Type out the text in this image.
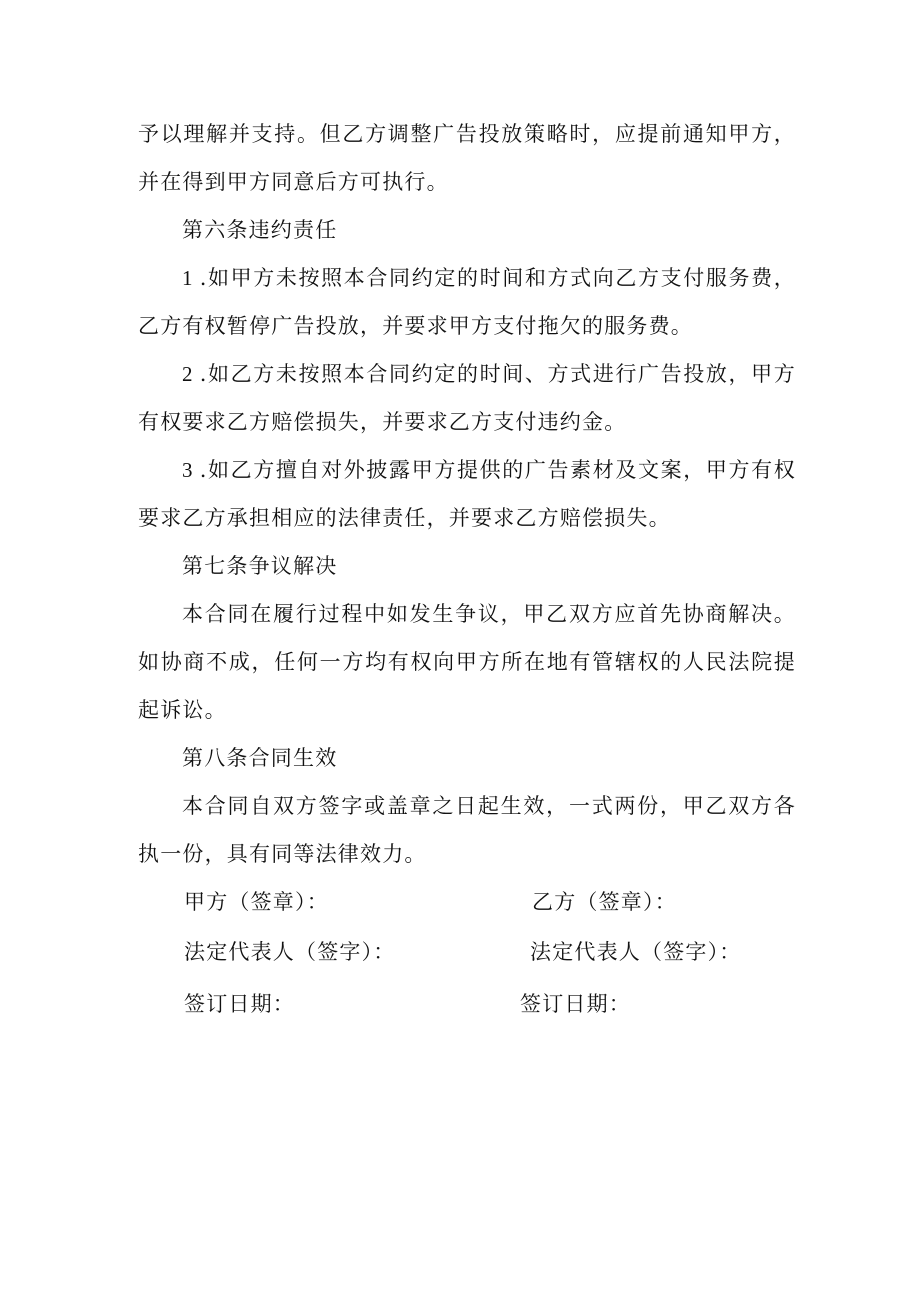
予以理解并支持。但乙方调整广告投放策略时，应提前通知甲方，并在得到甲方同意后方可执行。

第六条违约责任

1 .如甲方未按照本合同约定的时间和方式向乙方支付服务费，乙方有权暂停广告投放，并要求甲方支付拖欠的服务费。

2 .如乙方未按照本合同约定的时间、方式进行广告投放，甲方有权要求乙方赔偿损失，并要求乙方支付违约金。

3 .如乙方擅自对外披露甲方提供的广告素材及文案，甲方有权要求乙方承担相应的法律责任，并要求乙方赔偿损失。

第七条争议解决

本合同在履行过程中如发生争议，甲乙双方应首先协商解决。如协商不成，任何一方均有权向甲方所在地有管辖权的人民法院提起诉讼。

第八条合同生效

本合同自双方签字或盖章之日起生效，一式两份，甲乙双方各执一份，具有同等法律效力。

甲方（签章）：	乙方（签章）：

法定代表人（签字）：	法定代表人（签字）：

签订日期：	签订日期：
